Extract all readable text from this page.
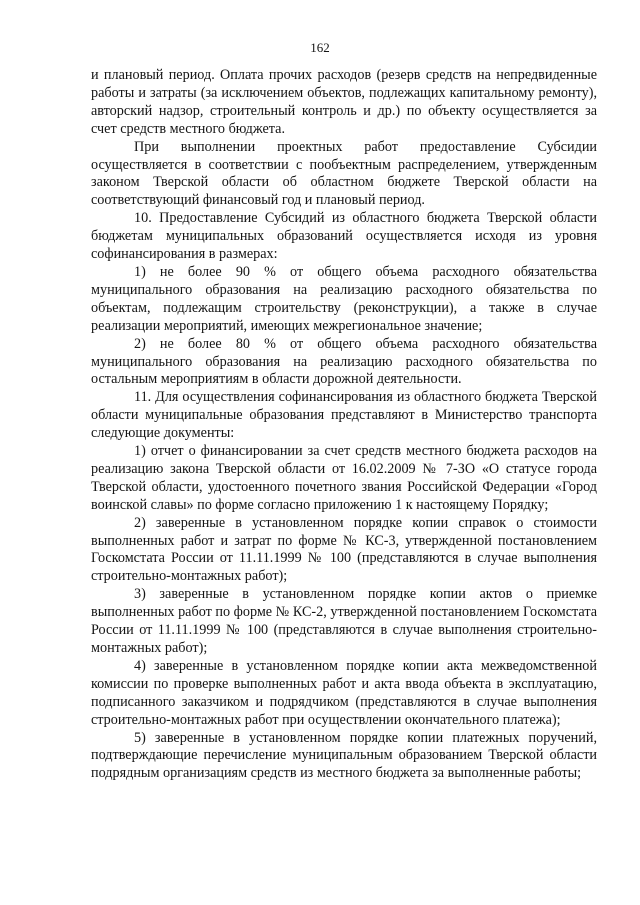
162

и плановый период. Оплата прочих расходов (резерв средств на непредвиденные работы и затраты (за исключением объектов, подлежащих капитальному ремонту), авторский надзор, строительный контроль и др.) по объекту осуществляется за счет средств местного бюджета.

При выполнении проектных работ предоставление Субсидии осуществляется в соответствии с пообъектным распределением, утвержденным законом Тверской области об областном бюджете Тверской области на соответствующий финансовый год и плановый период.

10. Предоставление Субсидий из областного бюджета Тверской области бюджетам муниципальных образований осуществляется исходя из уровня софинансирования в размерах:

1) не более 90 % от общего объема расходного обязательства муниципального образования на реализацию расходного обязательства по объектам, подлежащим строительству (реконструкции), а также в случае реализации мероприятий, имеющих межрегиональное значение;

2) не более 80 % от общего объема расходного обязательства муниципального образования на реализацию расходного обязательства по остальным мероприятиям в области дорожной деятельности.

11. Для осуществления софинансирования из областного бюджета Тверской области муниципальные образования представляют в Министерство транспорта следующие документы:

1) отчет о финансировании за счет средств местного бюджета расходов на реализацию закона Тверской области от 16.02.2009 № 7-ЗО «О статусе города Тверской области, удостоенного почетного звания Российской Федерации «Город воинской славы» по форме согласно приложению 1 к настоящему Порядку;

2) заверенные в установленном порядке копии справок о стоимости выполненных работ и затрат по форме № КС-3, утвержденной постановлением Госкомстата России от 11.11.1999 № 100 (представляются в случае выполнения строительно-монтажных работ);

3) заверенные в установленном порядке копии актов о приемке выполненных работ по форме № КС-2, утвержденной постановлением Госкомстата России от 11.11.1999 № 100 (представляются в случае выполнения строительно-монтажных работ);

4) заверенные в установленном порядке копии акта межведомственной комиссии по проверке выполненных работ и акта ввода объекта в эксплуатацию, подписанного заказчиком и подрядчиком (представляются в случае выполнения строительно-монтажных работ при осуществлении окончательного платежа);

5) заверенные в установленном порядке копии платежных поручений, подтверждающие перечисление муниципальным образованием Тверской области подрядным организациям средств из местного бюджета за выполненные работы;
